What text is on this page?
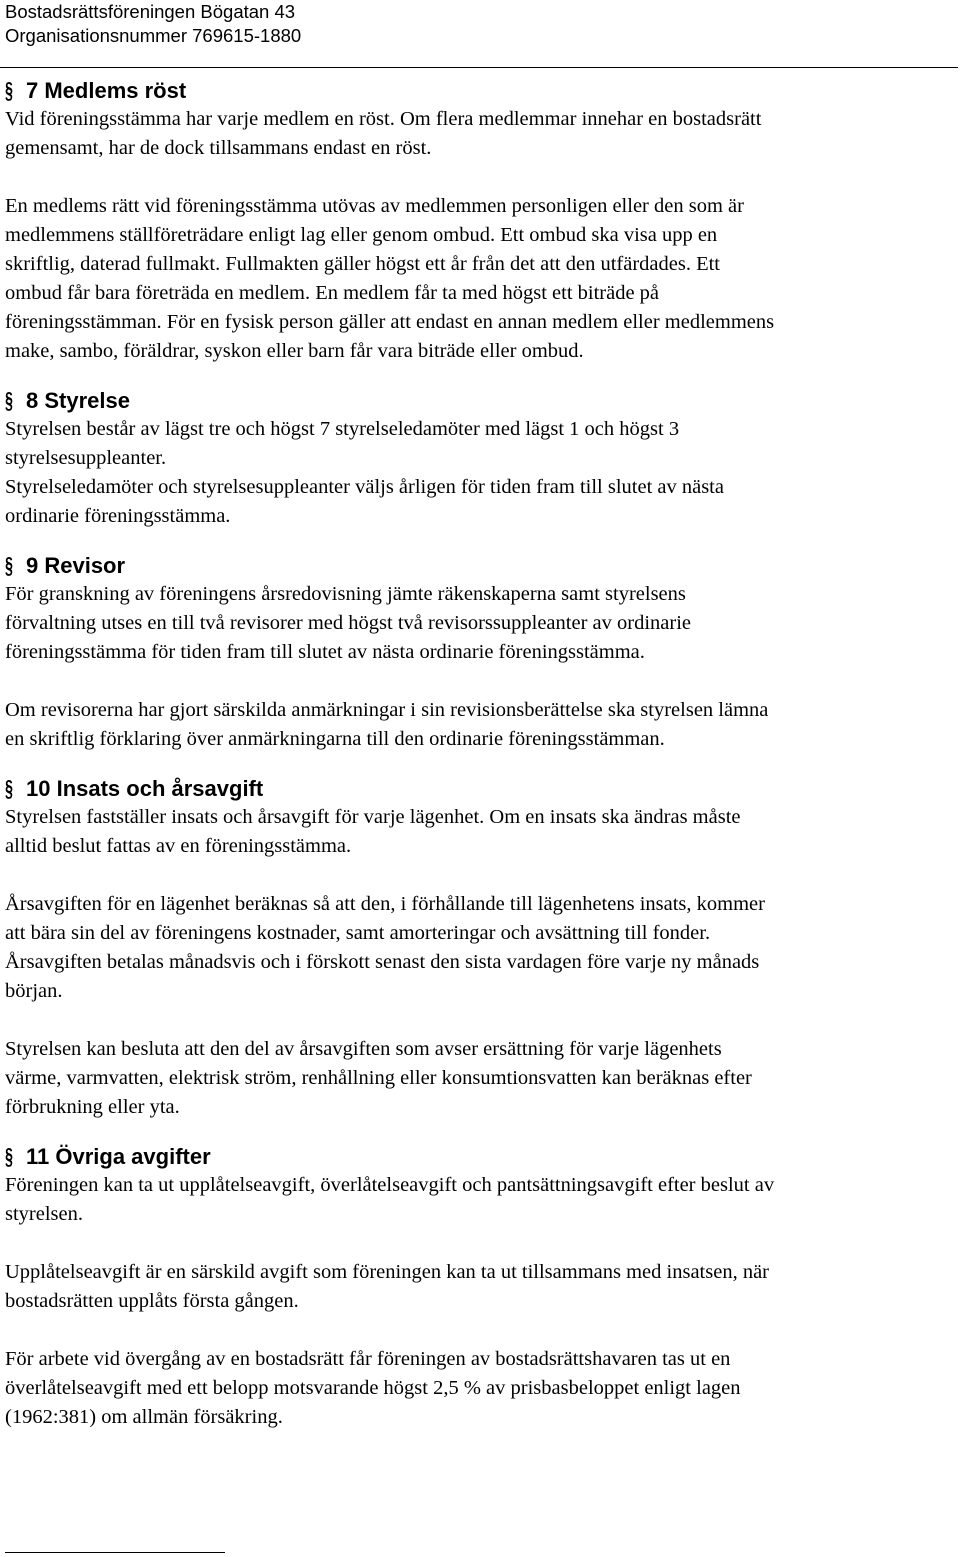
Bostadsrättsföreningen Bögatan 43
Organisationsnummer 769615-1880
§ 7 Medlems röst

Vid föreningsstämma har varje medlem en röst. Om flera medlemmar innehar en bostadsrätt
gemensamt, har de dock tillsammans endast en röst.

En medlems rätt vid föreningsstämma utövas av medlemmen personligen eller den som är
medlemmens ställföreträdare enligt lag eller genom ombud. Ett ombud ska visa upp en
skriftlig, daterad fullmakt. Fullmakten gäller högst ett år från det att den utfärdades. Ett
ombud får bara företräda en medlem. En medlem får ta med högst ett biträde på
föreningsstämman. För en fysisk person gäller att endast en annan medlem eller medlemmens
make, sambo, föräldrar, syskon eller barn får vara biträde eller ombud.

§ 8 Styrelse

Styrelsen består av lägst tre och högst 7 styrelseledamöter med lägst 1 och högst 3
styrelsesuppleanter.
Styrelseledamöter och styrelsesuppleanter väljs årligen för tiden fram till slutet av nästa
ordinarie föreningsstämma.

§ 9 Revisor

För granskning av föreningens årsredovisning jämte räkenskaperna samt styrelsens
förvaltning utses en till två revisorer med högst två revisorssuppleanter av ordinarie
föreningsstämma för tiden fram till slutet av nästa ordinarie föreningsstämma.

Om revisorerna har gjort särskilda anmärkningar i sin revisionsberättelse ska styrelsen lämna
en skriftlig förklaring över anmärkningarna till den ordinarie föreningsstämman.

§ 10 Insats och årsavgift

Styrelsen fastställer insats och årsavgift för varje lägenhet. Om en insats ska ändras måste
alltid beslut fattas av en föreningsstämma.

Årsavgiften för en lägenhet beräknas så att den, i förhållande till lägenhetens insats, kommer
att bära sin del av föreningens kostnader, samt amorteringar och avsättning till fonder.
Årsavgiften betalas månadsvis och i förskott senast den sista vardagen före varje ny månads
början.

Styrelsen kan besluta att den del av årsavgiften som avser ersättning för varje lägenhets
värme, varmvatten, elektrisk ström, renhållning eller konsumtionsvatten kan beräknas efter
förbrukning eller yta.

§ 11 Övriga avgifter

Föreningen kan ta ut upplåtelseavgift, överlåtelseavgift och pantsättningsavgift efter beslut av
styrelsen.

Upplåtelseavgift är en särskild avgift som föreningen kan ta ut tillsammans med insatsen, när
bostadsrätten upplåts första gången.

För arbete vid övergång av en bostadsrätt får föreningen av bostadsrättshavaren tas ut en
överlåtelseavgift med ett belopp motsvarande högst 2,5 % av prisbasbeloppet enligt lagen
(1962:381) om allmän försäkring.
